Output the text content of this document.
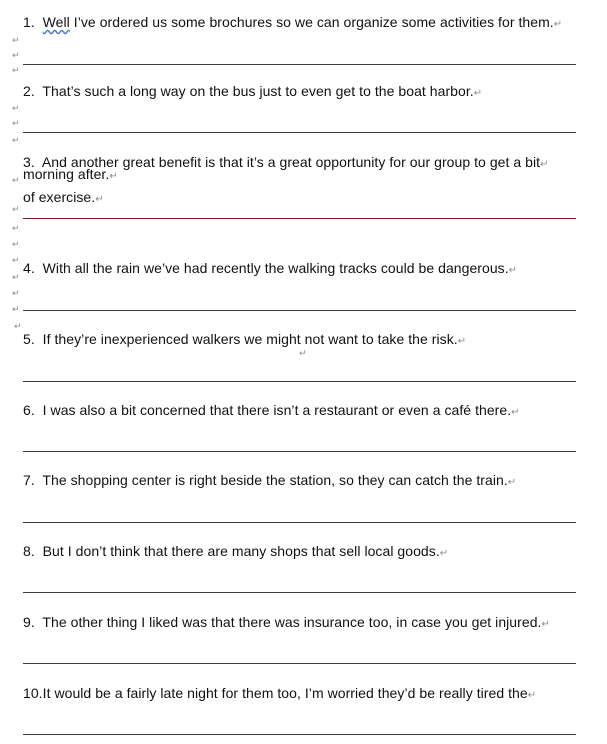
1. Well I’ve ordered us some brochures so we can organize some activities for them.↵
↵
↵
↵
2. That’s such a long way on the bus just to even get to the boat harbor.↵
↵
↵
↵
3. And another great benefit is that it’s a great opportunity for our group to get a bit↵
morning after.↵
↵
of exercise.↵
↵
↵
↵
↵ 4. With all the rain we’ve had recently the walking tracks could be dangerous.↵
↵
↵
↵
↵
5. If they’re inexperienced walkers we might not want to take the risk.↵
↵
6. I was also a bit concerned that there isn’t a restaurant or even a café there.↵
7. The shopping center is right beside the station, so they can catch the train.↵
8. But I don’t think that there are many shops that sell local goods.↵
9. The other thing I liked was that there was insurance too, in case you get injured.↵
10.It would be a fairly late night for them too, I’m worried they’d be really tired the↵
